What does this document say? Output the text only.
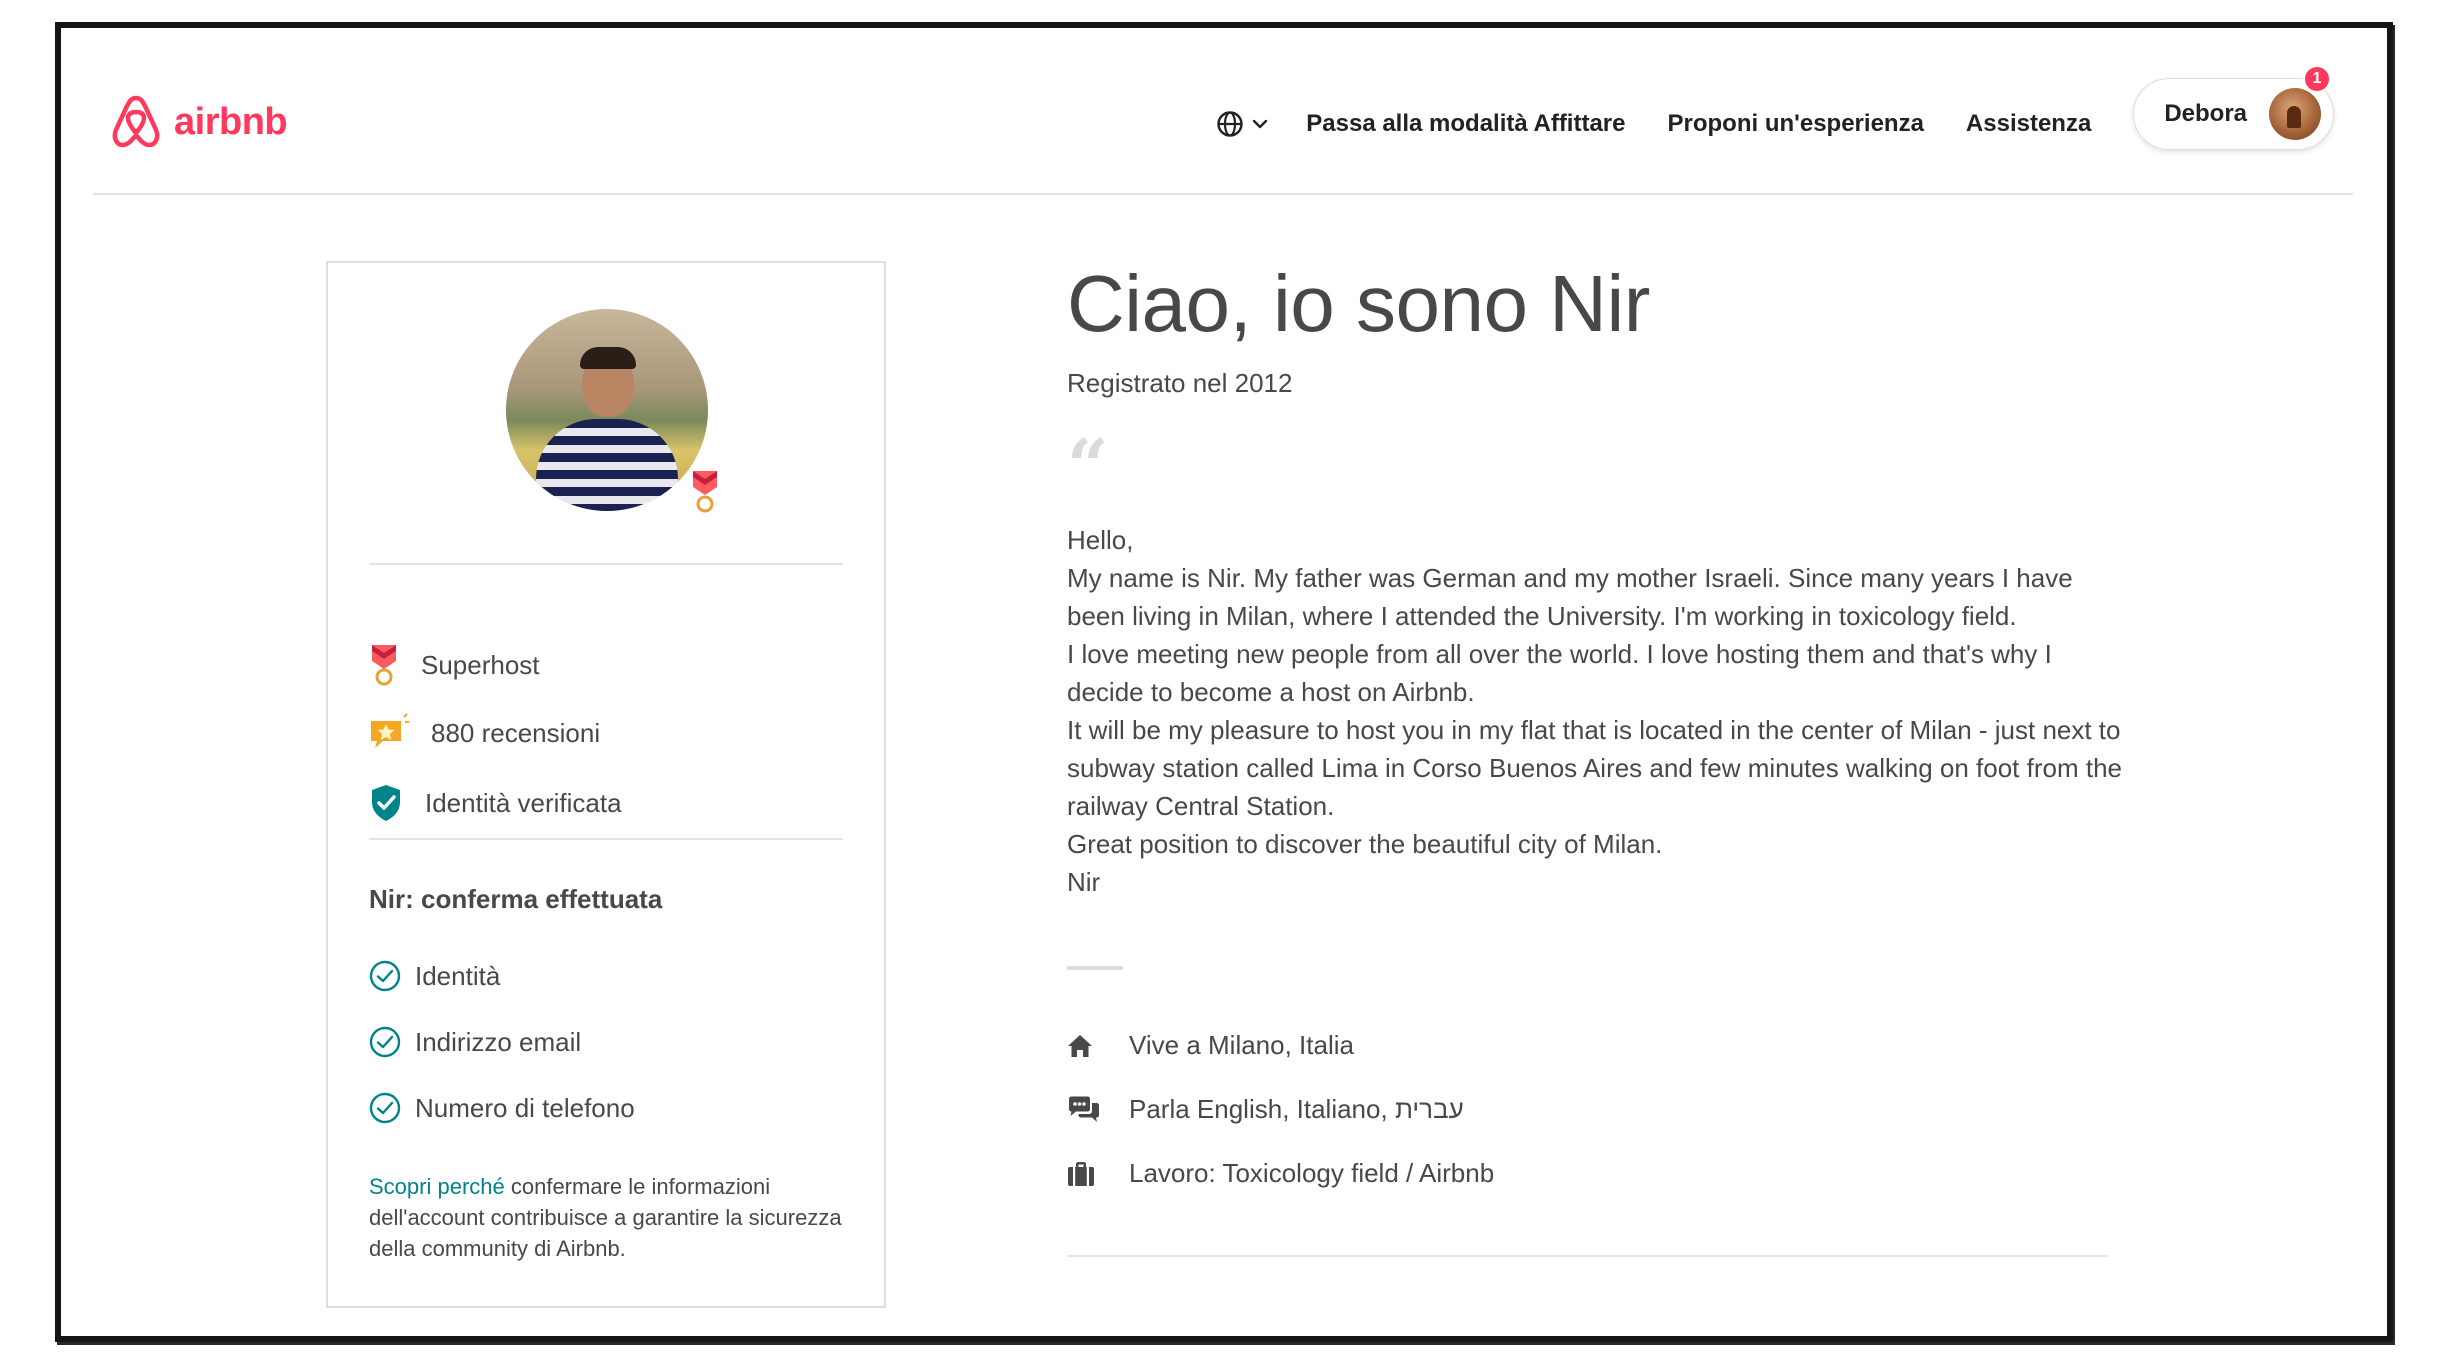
airbnb	Passa alla modalità Affittare Proponi un'esperienza Assistenza	Debora
1
Superhost
880 recensioni
Identità verificata
Nir: conferma effettuata
Identità
Indirizzo email
Numero di telefono
Scopri perché confermare le informazioni dell'account contribuisce a garantire la sicurezza della community di Airbnb.
Ciao, io sono Nir
Registrato nel 2012
“

Hello,

My name is Nir. My father was German and my mother Israeli. Since many years I have been living in Milan, where I attended the University. I'm working in toxicology field.

I love meeting new people from all over the world. I love hosting them and that's why I decide to become a host on Airbnb.

It will be my pleasure to host you in my flat that is located in the center of Milan - just next to subway station called Lima in Corso Buenos Aires and few minutes walking on foot from the railway Central Station.

Great position to discover the beautiful city of Milan.

Nir

Vive a Milano, Italia
Parla English, Italiano, עברית
Lavoro: Toxicology field / Airbnb
